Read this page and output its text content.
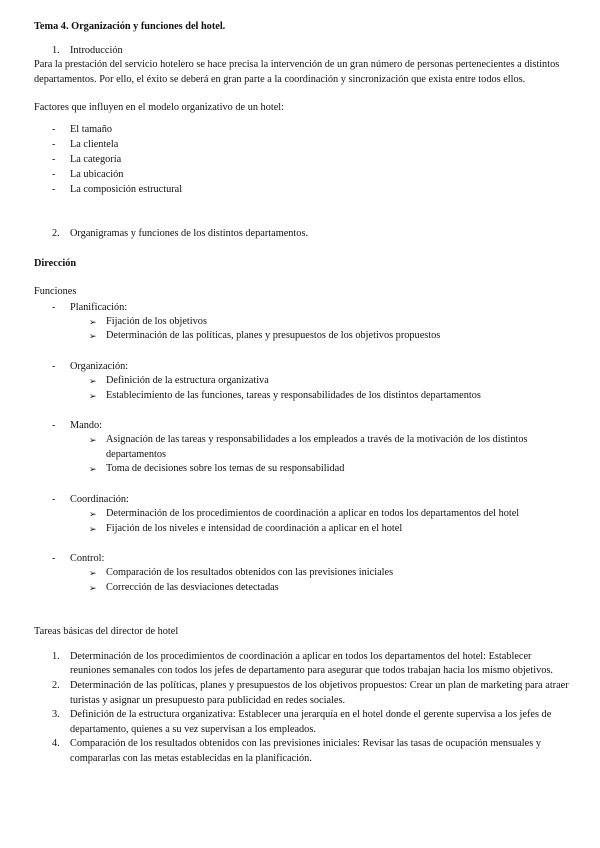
Tema 4. Organización y funciones del hotel.

1. Introducción

Para la prestación del servicio hotelero se hace precisa la intervención de un gran número de personas pertenecientes a distintos departamentos. Por ello, el éxito se deberá en gran parte a la coordinación y sincronización que exista entre todos ellos.

Factores que influyen en el modelo organizativo de un hotel:

- El tamaño
- La clientela
- La categoría
- La ubicación
- La composición estructural
2. Organigramas y funciones de los distintos departamentos.

Dirección

Funciones

- Planificación:
➢ Fijación de los objetivos
➢ Determinación de las políticas, planes y presupuestos de los objetivos propuestos
- Organización:
➢ Definición de la estructura organizativa
➢ Establecimiento de las funciones, tareas y responsabilidades de los distintos departamentos
- Mando:
➢ Asignación de las tareas y responsabilidades a los empleados a través de la motivación de los distintos departamentos
➢ Toma de decisiones sobre los temas de su responsabilidad
- Coordinación:
➢ Determinación de los procedimientos de coordinación a aplicar en todos los departamentos del hotel
➢ Fijación de los niveles e intensidad de coordinación a aplicar en el hotel
- Control:
➢ Comparación de los resultados obtenidos con las previsiones iniciales
➢ Corrección de las desviaciones detectadas

Tareas básicas del director de hotel

1. Determinación de los procedimientos de coordinación a aplicar en todos los departamentos del hotel: Establecer reuniones semanales con todos los jefes de departamento para asegurar que todos trabajan hacia los mismo objetivos.
2. Determinación de las políticas, planes y presupuestos de los objetivos propuestos: Crear un plan de marketing para atraer turistas y asignar un presupuesto para publicidad en redes sociales.
3. Definición de la estructura organizativa: Establecer una jerarquía en el hotel donde el gerente supervisa a los jefes de departamento, quienes a su vez supervisan a los empleados.
4. Comparación de los resultados obtenidos con las previsiones iniciales: Revisar las tasas de ocupación mensuales y compararlas con las metas establecidas en la planificación.
